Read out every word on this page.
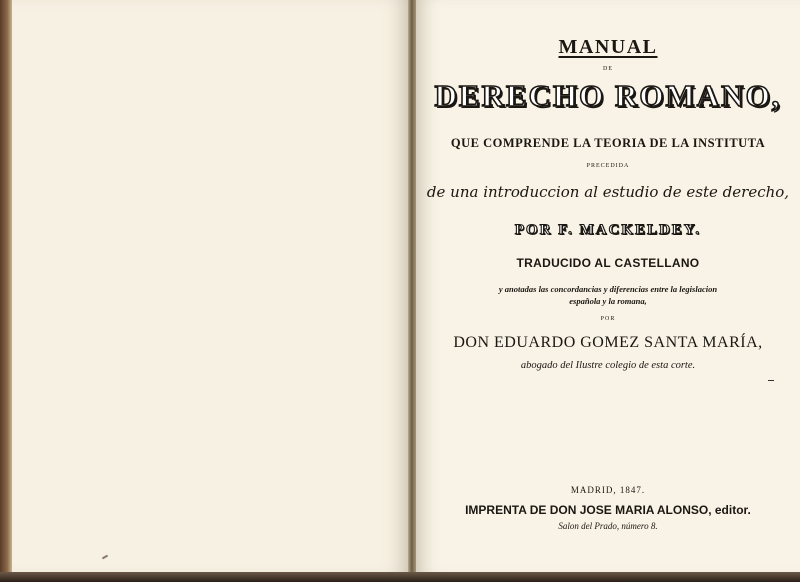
MANUAL
DE
DERECHO ROMANO,
QUE COMPRENDE LA TEORIA DE LA INSTITUTA
PRECEDIDA
de una introduccion al estudio de este derecho,
POR F. MACKELDEY.
TRADUCIDO AL CASTELLANO
y anotadas las concordancias y diferencias entre la legislacion
española y la romana,
POR
DON EDUARDO GOMEZ SANTA MARÍA,
abogado del Ilustre colegio de esta corte.
MADRID, 1847.
IMPRENTA DE DON JOSE MARIA ALONSO, editor.
Salon del Prado, número 8.
